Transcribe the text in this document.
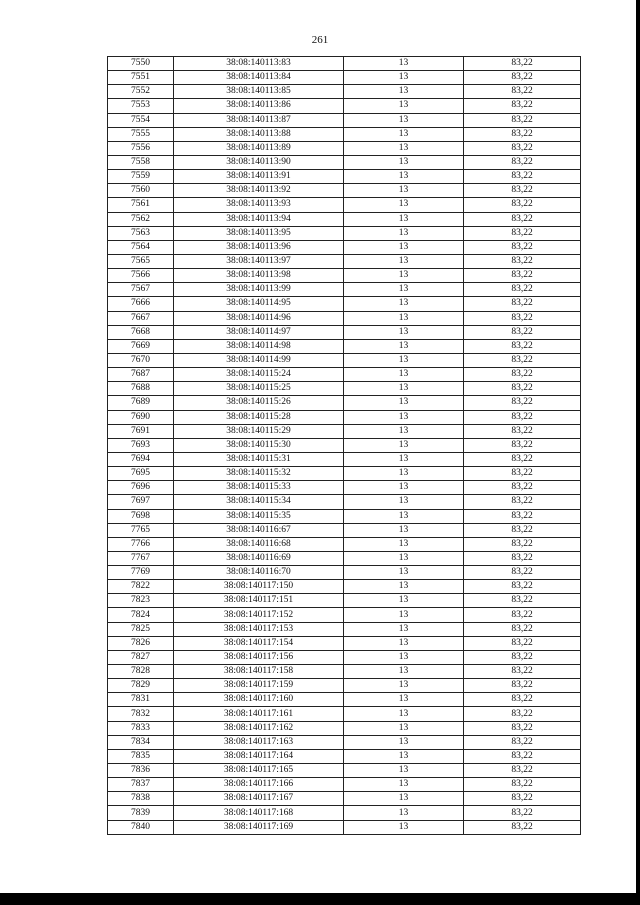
261
7550	38:08:140113:83	13	83,22
7551	38:08:140113:84	13	83,22
7552	38:08:140113:85	13	83,22
7553	38:08:140113:86	13	83,22
7554	38:08:140113:87	13	83,22
7555	38:08:140113:88	13	83,22
7556	38:08:140113:89	13	83,22
7558	38:08:140113:90	13	83,22
7559	38:08:140113:91	13	83,22
7560	38:08:140113:92	13	83,22
7561	38:08:140113:93	13	83,22
7562	38:08:140113:94	13	83,22
7563	38:08:140113:95	13	83,22
7564	38:08:140113:96	13	83,22
7565	38:08:140113:97	13	83,22
7566	38:08:140113:98	13	83,22
7567	38:08:140113:99	13	83,22
7666	38:08:140114:95	13	83,22
7667	38:08:140114:96	13	83,22
7668	38:08:140114:97	13	83,22
7669	38:08:140114:98	13	83,22
7670	38:08:140114:99	13	83,22
7687	38:08:140115:24	13	83,22
7688	38:08:140115:25	13	83,22
7689	38:08:140115:26	13	83,22
7690	38:08:140115:28	13	83,22
7691	38:08:140115:29	13	83,22
7693	38:08:140115:30	13	83,22
7694	38:08:140115:31	13	83,22
7695	38:08:140115:32	13	83,22
7696	38:08:140115:33	13	83,22
7697	38:08:140115:34	13	83,22
7698	38:08:140115:35	13	83,22
7765	38:08:140116:67	13	83,22
7766	38:08:140116:68	13	83,22
7767	38:08:140116:69	13	83,22
7769	38:08:140116:70	13	83,22
7822	38:08:140117:150	13	83,22
7823	38:08:140117:151	13	83,22
7824	38:08:140117:152	13	83,22
7825	38:08:140117:153	13	83,22
7826	38:08:140117:154	13	83,22
7827	38:08:140117:156	13	83,22
7828	38:08:140117:158	13	83,22
7829	38:08:140117:159	13	83,22
7831	38:08:140117:160	13	83,22
7832	38:08:140117:161	13	83,22
7833	38:08:140117:162	13	83,22
7834	38:08:140117:163	13	83,22
7835	38:08:140117:164	13	83,22
7836	38:08:140117:165	13	83,22
7837	38:08:140117:166	13	83,22
7838	38:08:140117:167	13	83,22
7839	38:08:140117:168	13	83,22
7840	38:08:140117:169	13	83,22
